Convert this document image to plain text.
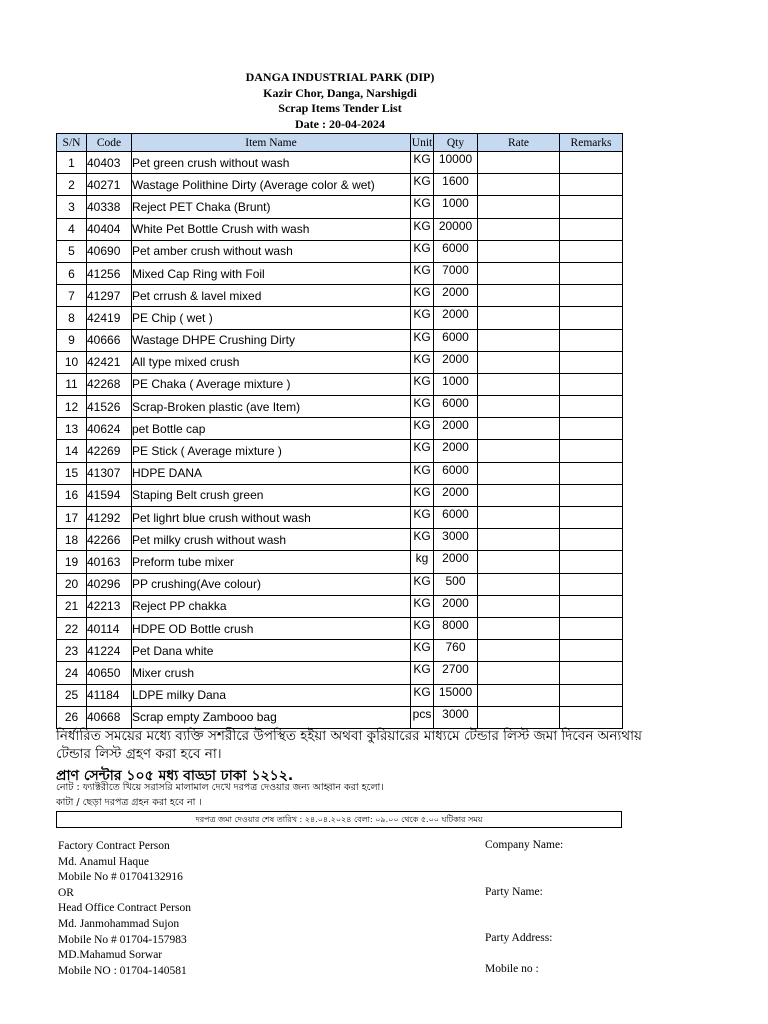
DANGA INDUSTRIAL PARK (DIP)
Kazir Chor, Danga, Narshigdi
Scrap Items Tender List
Date : 20-04-2024
S/N	Code	Item Name	Unit	Qty	Rate	Remarks
1	40403	Pet green crush without wash	KG	10000		
2	40271	Wastage Polithine Dirty (Average color & wet)	KG	1600		
3	40338	Reject PET Chaka (Brunt)	KG	1000		
4	40404	White Pet Bottle Crush with wash	KG	20000		
5	40690	Pet amber crush without wash	KG	6000		
6	41256	Mixed Cap Ring with Foil	KG	7000		
7	41297	Pet crrush & lavel mixed	KG	2000		
8	42419	PE Chip ( wet )	KG	2000		
9	40666	Wastage DHPE Crushing Dirty	KG	6000		
10	42421	All type mixed crush	KG	2000		
11	42268	PE Chaka ( Average mixture )	KG	1000		
12	41526	Scrap-Broken plastic (ave Item)	KG	6000		
13	40624	pet Bottle cap	KG	2000		
14	42269	PE Stick ( Average mixture )	KG	2000		
15	41307	HDPE DANA	KG	6000		
16	41594	Staping Belt crush green	KG	2000		
17	41292	Pet lighrt blue crush without wash	KG	6000		
18	42266	Pet milky crush without wash	KG	3000		
19	40163	Preform tube mixer	kg	2000		
20	40296	PP crushing(Ave colour)	KG	500		
21	42213	Reject PP chakka	KG	2000		
22	40114	HDPE OD Bottle crush	KG	8000		
23	41224	Pet Dana white	KG	760		
24	40650	Mixer crush	KG	2700		
25	41184	LDPE milky Dana	KG	15000		
26	40668	Scrap empty Zambooo bag	pcs	3000		
নির্ধারিত সময়ের মধ্যে ব্যক্তি সশরীরে উপস্থিত হইয়া অথবা কুরিয়ারের মাধ্যমে টেন্ডার লিস্ট জমা দিবেন অন্যথায় টেন্ডার লিস্ট গ্রহণ করা হবে না।
প্রাণ সেন্টার ১০৫ মধ্য বাড্ডা ঢাকা ১২১২.
নোট : ফ্যাক্টরীতে খিয়ে সরাসরি মালামাল দেখে দরপত্র দেওয়ার জন্য আহ্বান করা হলো।
কাটা / ছেড়া দরপত্র গ্রহন করা হবে না ।
দরপত্র জমা দেওয়ার শেষ তারিখ : ২৪.০৪.২০২৪ বেলা: ০৯.০০ থেকে ৫.০০ ঘটিকার সময়
Factory Contract Person
Md. Anamul Haque
Mobile No # 01704132916
OR
Head Office Contract Person
Md. Janmohammad Sujon
Mobile No # 01704-157983
MD.Mahamud Sorwar
Mobile NO : 01704-140581
Company Name:
Party Name:
Party Address:
Mobile no :
